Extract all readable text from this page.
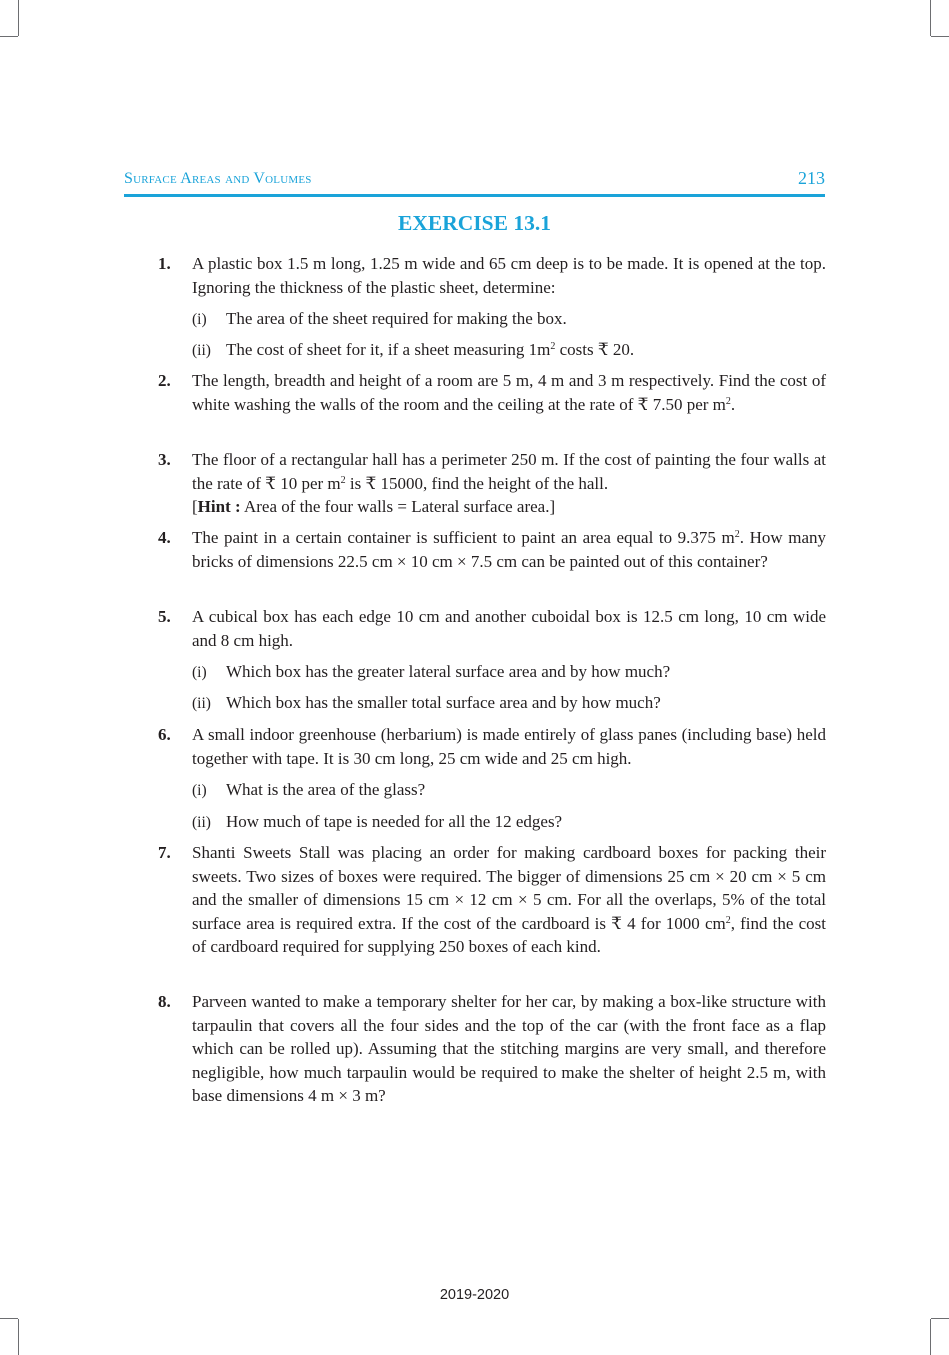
Surface Areas and Volumes	213
EXERCISE 13.1
1. A plastic box 1.5 m long, 1.25 m wide and 65 cm deep is to be made. It is opened at the top. Ignoring the thickness of the plastic sheet, determine:
(i) The area of the sheet required for making the box.
(ii) The cost of sheet for it, if a sheet measuring $1m^2$ costs ₹ 20.
2. The length, breadth and height of a room are 5 m, 4 m and 3 m respectively. Find the cost of white washing the walls of the room and the ceiling at the rate of ₹ 7.50 per $m^2$.
3. The floor of a rectangular hall has a perimeter 250 m. If the cost of painting the four walls at the rate of ₹ 10 per $m^2$ is ₹ 15000, find the height of the hall.
[Hint : Area of the four walls = Lateral surface area.]
4. The paint in a certain container is sufficient to paint an area equal to 9.375 $m^2$. How many bricks of dimensions 22.5 cm × 10 cm × 7.5 cm can be painted out of this container?
5. A cubical box has each edge 10 cm and another cuboidal box is 12.5 cm long, 10 cm wide and 8 cm high.
(i) Which box has the greater lateral surface area and by how much?
(ii) Which box has the smaller total surface area and by how much?
6. A small indoor greenhouse (herbarium) is made entirely of glass panes (including base) held together with tape. It is 30 cm long, 25 cm wide and 25 cm high.
(i) What is the area of the glass?
(ii) How much of tape is needed for all the 12 edges?
7. Shanti Sweets Stall was placing an order for making cardboard boxes for packing their sweets. Two sizes of boxes were required. The bigger of dimensions 25 cm × 20 cm × 5 cm and the smaller of dimensions 15 cm × 12 cm × 5 cm. For all the overlaps, 5% of the total surface area is required extra. If the cost of the cardboard is ₹ 4 for 1000 $cm^2$, find the cost of cardboard required for supplying 250 boxes of each kind.
8. Parveen wanted to make a temporary shelter for her car, by making a box-like structure with tarpaulin that covers all the four sides and the top of the car (with the front face as a flap which can be rolled up). Assuming that the stitching margins are very small, and therefore negligible, how much tarpaulin would be required to make the shelter of height 2.5 m, with base dimensions 4 m × 3 m?
2019-2020
